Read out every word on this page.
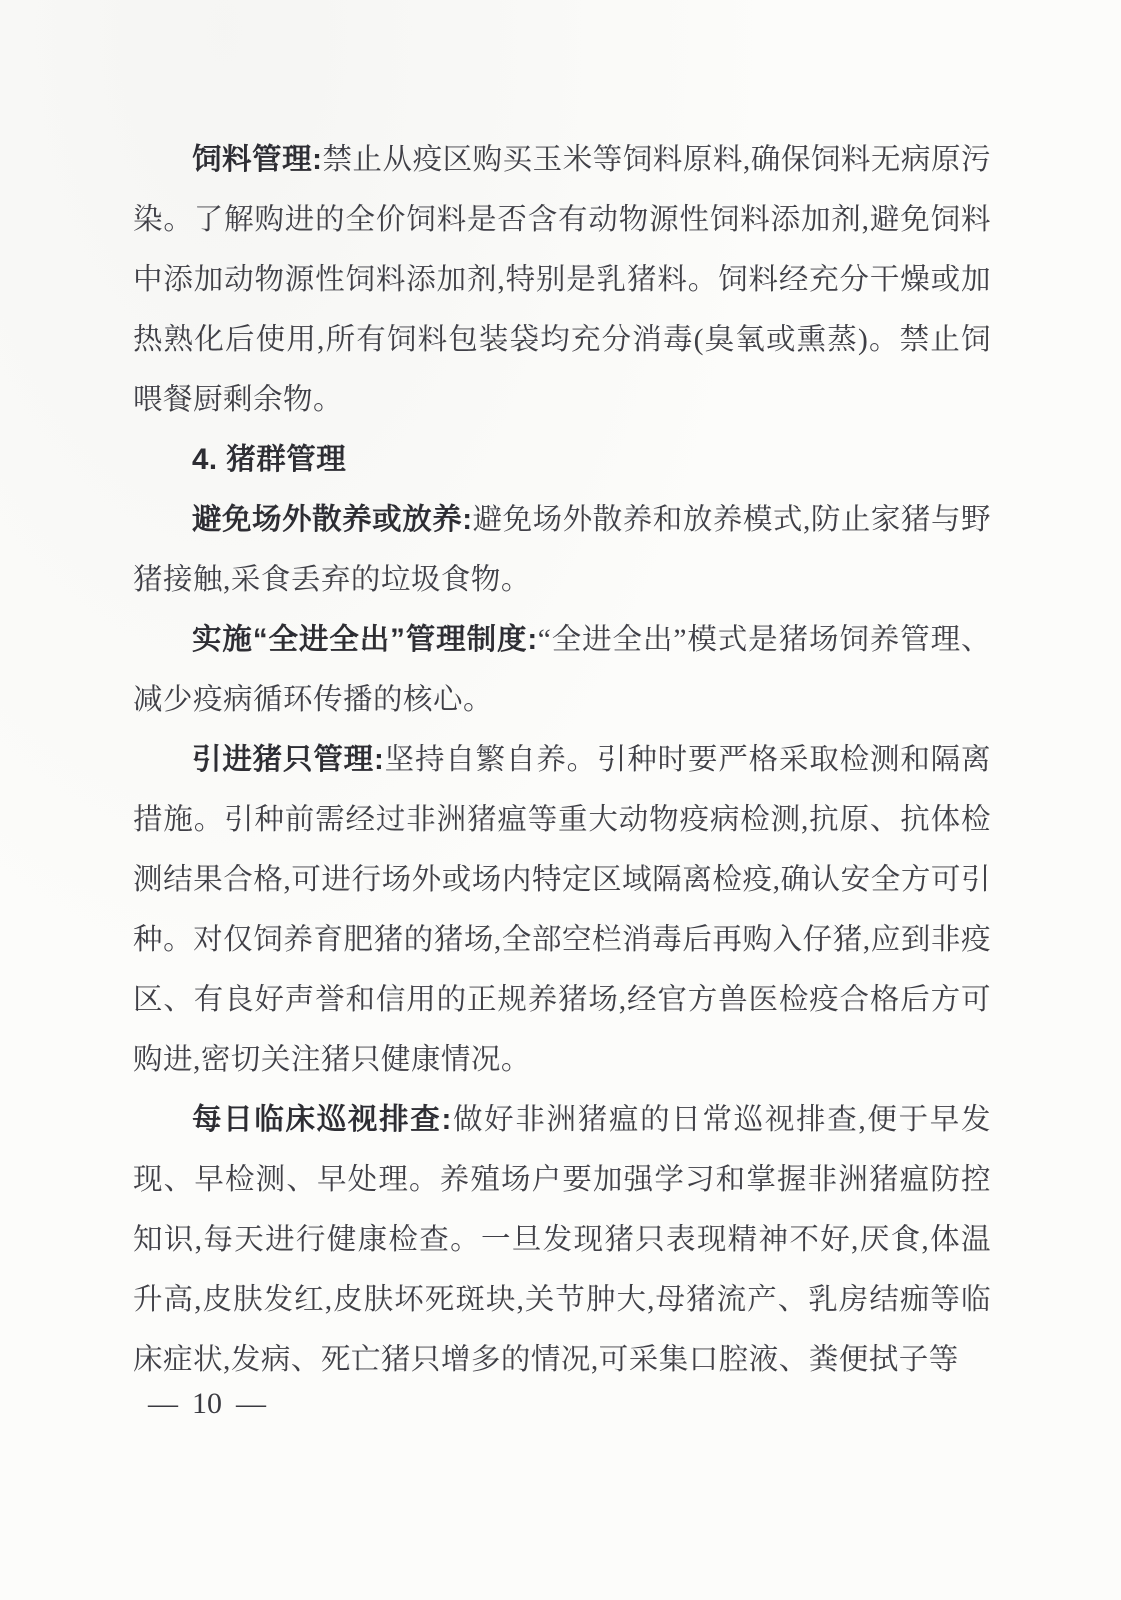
饲料管理:禁止从疫区购买玉米等饲料原料,确保饲料无病原污染。了解购进的全价饲料是否含有动物源性饲料添加剂,避免饲料中添加动物源性饲料添加剂,特别是乳猪料。饲料经充分干燥或加热熟化后使用,所有饲料包装袋均充分消毒(臭氧或熏蒸)。禁止饲喂餐厨剩余物。

4. 猪群管理

避免场外散养或放养:避免场外散养和放养模式,防止家猪与野猪接触,采食丢弃的垃圾食物。

实施“全进全出”管理制度:“全进全出”模式是猪场饲养管理、减少疫病循环传播的核心。

引进猪只管理:坚持自繁自养。引种时要严格采取检测和隔离措施。引种前需经过非洲猪瘟等重大动物疫病检测,抗原、抗体检测结果合格,可进行场外或场内特定区域隔离检疫,确认安全方可引种。对仅饲养育肥猪的猪场,全部空栏消毒后再购入仔猪,应到非疫区、有良好声誉和信用的正规养猪场,经官方兽医检疫合格后方可购进,密切关注猪只健康情况。

每日临床巡视排查:做好非洲猪瘟的日常巡视排查,便于早发现、早检测、早处理。养殖场户要加强学习和掌握非洲猪瘟防控知识,每天进行健康检查。一旦发现猪只表现精神不好,厌食,体温升高,皮肤发红,皮肤坏死斑块,关节肿大,母猪流产、乳房结痂等临床症状,发病、死亡猪只增多的情况,可采集口腔液、粪便拭子等

— 10 —
